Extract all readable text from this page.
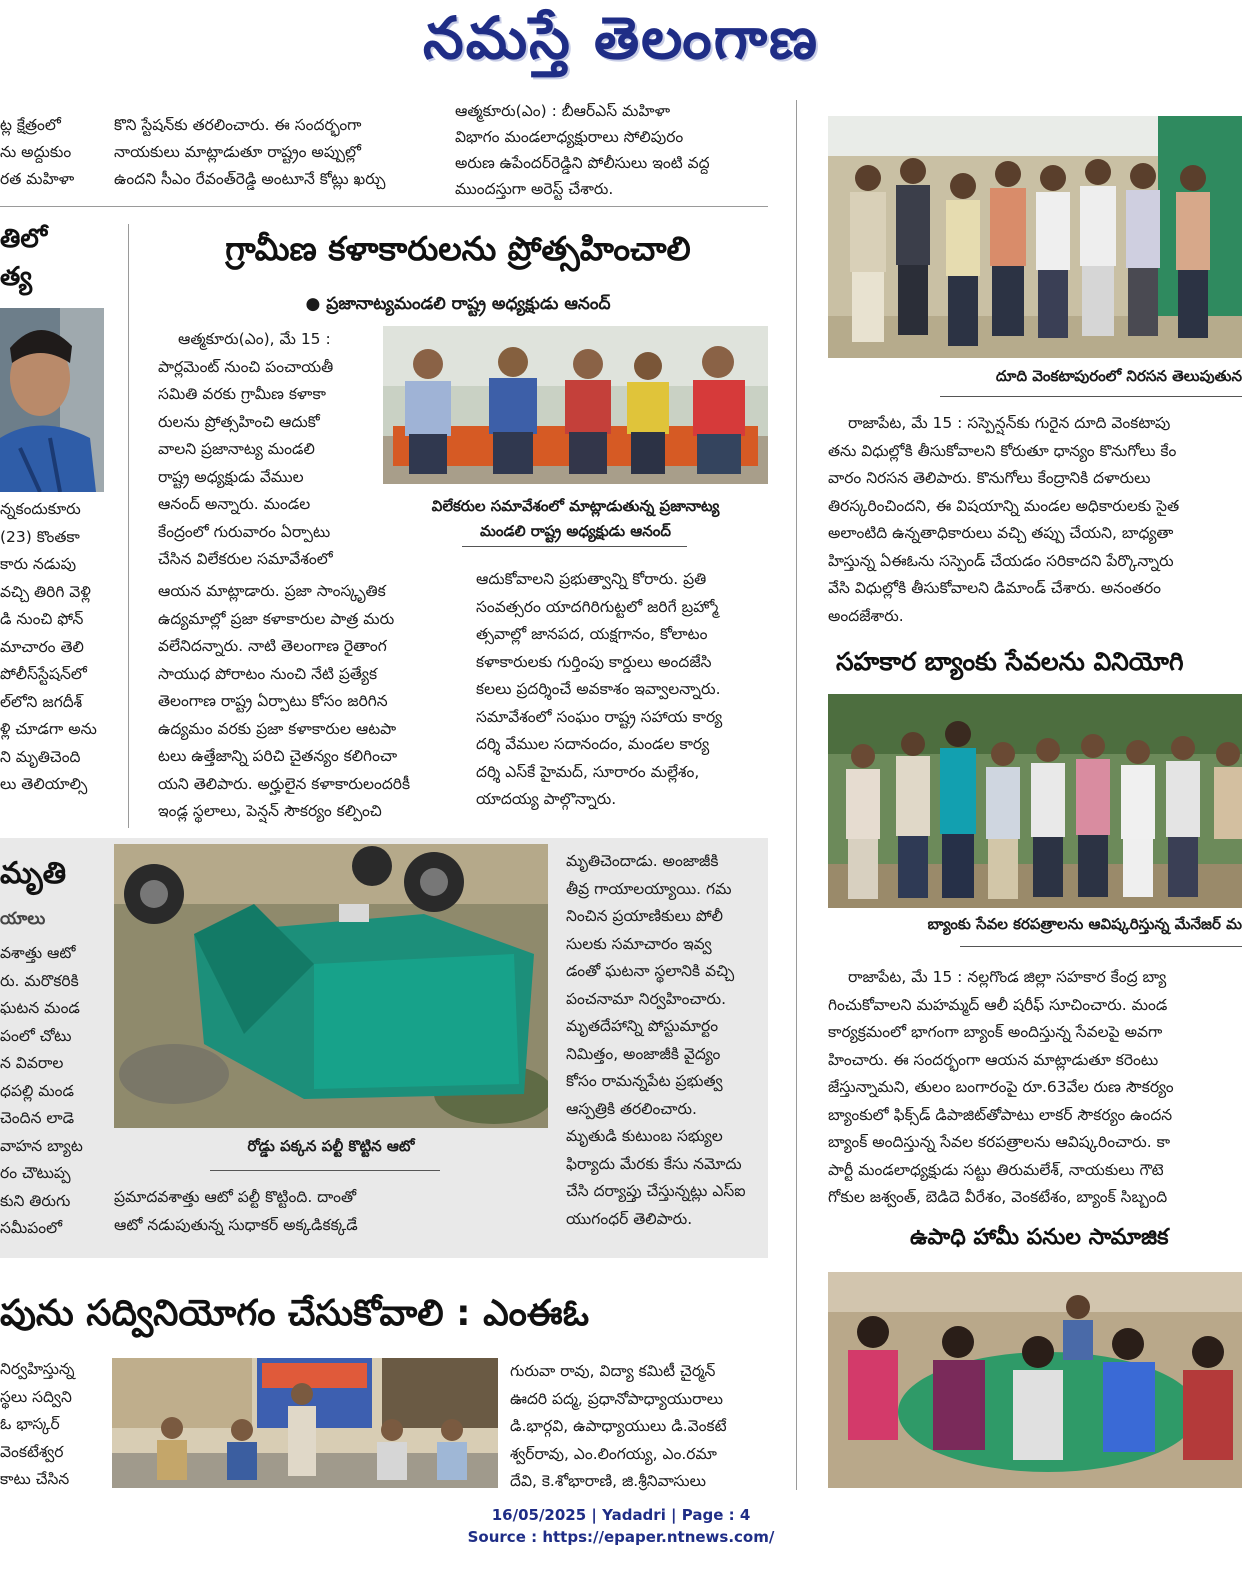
నమస్తే తెలంగాణ

ట్ల క్షేత్రంలో

ను అద్దుకుం

రత మహిళా

కొని స్టేషన్‌కు తరలించారు. ఈ సందర్భంగా

నాయకులు మాట్లాడుతూ రాష్ట్రం అప్పుల్లో

ఉందని సీఎం రేవంత్‌రెడ్డి అంటూనే కోట్లు ఖర్చు

ఆత్మకూరు(ఎం) : బీఆర్ఎస్ మహిళా

విభాగం మండలాధ్యక్షురాలు సోలిపురం

అరుణ ఉపేందర్‌రెడ్డిని పోలీసులు ఇంటి వద్ద

ముందస్తుగా అరెస్ట్ చేశారు.

తిలో
త్య

న్నకందుకూరు

(23) కొంతకా

కారు నడుపు

వచ్చి తిరిగి వెళ్లి

డి నుంచి ఫోన్

మాచారం తెలి

పోలీస్‌స్టేషన్‌లో

ల్‌లోని జగదీశ్

ళ్లి చూడగా అను

ని మృతిచెంది

లు తెలియాల్సి

గ్రామీణ కళాకారులను ప్రోత్సహించాలి
● ప్రజానాట్యమండలి రాష్ట్ర అధ్యక్షుడు ఆనంద్

ఆత్మకూరు(ఎం), మే 15 :

పార్లమెంట్ నుంచి పంచాయతీ

సమితి వరకు గ్రామీణ కళాకా

రులను ప్రోత్సహించి ఆదుకో

వాలని ప్రజానాట్య మండలి

రాష్ట్ర అధ్యక్షుడు వేముల

ఆనంద్ అన్నారు. మండల

కేంద్రంలో గురువారం ఏర్పాటు

చేసిన విలేకరుల సమావేశంలో

విలేకరుల సమావేశంలో మాట్లాడుతున్న ప్రజానాట్య
మండలి రాష్ట్ర అధ్యక్షుడు ఆనంద్

ఆయన మాట్లాడారు. ప్రజా సాంస్కృతిక

ఉద్యమాల్లో ప్రజా కళాకారుల పాత్ర మరు

వలేనిదన్నారు. నాటి తెలంగాణ రైతాంగ

సాయుధ పోరాటం నుంచి నేటి ప్రత్యేక

తెలంగాణ రాష్ట్ర ఏర్పాటు కోసం జరిగిన

ఉద్యమం వరకు ప్రజా కళాకారుల ఆటపా

టలు ఉత్తేజాన్ని పరిచి చైతన్యం కలిగించా

యని తెలిపారు. అర్హులైన కళాకారులందరికీ

ఇండ్ల స్థలాలు, పెన్షన్ సౌకర్యం కల్పించి

ఆదుకోవాలని ప్రభుత్వాన్ని కోరారు. ప్రతి

సంవత్సరం యాదగిరిగుట్టలో జరిగే బ్రహ్మో

త్సవాల్లో జానపద, యక్షగానం, కోలాటం

కళాకారులకు గుర్తింపు కార్డులు అందజేసి

కలలు ప్రదర్శించే అవకాశం ఇవ్వాలన్నారు.

సమావేశంలో సంఘం రాష్ట్ర సహాయ కార్య

దర్శి వేముల సదానందం, మండల కార్య

దర్శి ఎస్‌కే హైమద్, సూరారం మల్లేశం,

యాదయ్య పాల్గొన్నారు.

మృతి
యాలు

వశాత్తు ఆటో

రు. మరొకరికి

ఘటన మండ

పంలో చోటు

న వివరాల

ధపల్లి మండ

చెందిన లాడె

వాహన బ్యాట

రం చౌటుప్ప

కుని తిరుగు

సమీపంలో

రోడ్డు పక్కన పల్టీ కొట్టిన ఆటో

ప్రమాదవశాత్తు ఆటో పల్టీ కొట్టింది. దాంతో

ఆటో నడుపుతున్న సుధాకర్ అక్కడికక్కడే

మృతిచెందాడు. అంజాజీకి

తీవ్ర గాయాలయ్యాయి. గమ

నించిన ప్రయాణికులు పోలీ

సులకు సమాచారం ఇవ్వ

డంతో ఘటనా స్థలానికి వచ్చి

పంచనామా నిర్వహించారు.

మృతదేహాన్ని పోస్టుమార్టం

నిమిత్తం, అంజాజీకి వైద్యం

కోసం రామన్నపేట ప్రభుత్వ

ఆస్పత్రికి తరలించారు.

మృతుడి కుటుంబ సభ్యుల

ఫిర్యాదు మేరకు కేసు నమోదు

చేసి దర్యాప్తు చేస్తున్నట్లు ఎస్ఐ

యుగంధర్ తెలిపారు.

పును సద్వినియోగం చేసుకోవాలి : ఎంఈఓ

నిర్వహిస్తున్న

స్థలు సద్విని

ఓ భాస్కర్

వెంకటేశ్వర

కాటు చేసిన

గురువా రావు, విద్యా కమిటీ చైర్మన్

ఊదరి పద్మ, ప్రధానోపాధ్యాయురాలు

డి.భార్గవి, ఉపాధ్యాయులు డి.వెంకటే

శ్వర్‌రావు, ఎం.లింగయ్య, ఎం.రమా

దేవి, కె.శోభారాణి, జి.శ్రీనివాసులు

దూది వెంకటాపురంలో నిరసన తెలుపుతున

రాజాపేట, మే 15 : సస్పెన్షన్‌కు గురైన దూది వెంకటాపు

తను విధుల్లోకి తీసుకోవాలని కోరుతూ ధాన్యం కొనుగోలు కేం

వారం నిరసన తెలిపారు. కొనుగోలు కేంద్రానికి దళారులు

తిరస్కరించిందని, ఈ విషయాన్ని మండల అధికారులకు సైత

అలాంటిది ఉన్నతాధికారులు వచ్చి తప్పు చేయని, బాధ్యతా

హిస్తున్న ఏఈఓను సస్పెండ్ చేయడం సరికాదని పేర్కొన్నారు

వేసి విధుల్లోకి తీసుకోవాలని డిమాండ్ చేశారు. అనంతరం

అందజేశారు.

సహకార బ్యాంకు సేవలను వినియోగి
బ్యాంకు సేవల కరపత్రాలను ఆవిష్కరిస్తున్న మేనేజర్ మ

రాజాపేట, మే 15 : నల్లగొండ జిల్లా సహకార కేంద్ర బ్యా

గించుకోవాలని మహమ్మద్ ఆలీ షరీఫ్ సూచించారు. మండ

కార్యక్రమంలో భాగంగా బ్యాంక్ అందిస్తున్న సేవలపై అవగా

హించారు. ఈ సందర్భంగా ఆయన మాట్లాడుతూ కరెంటు

జేస్తున్నామని, తులం బంగారంపై రూ.63వేల రుణ సౌకర్యం

బ్యాంకులో ఫిక్స్‌డ్ డిపాజిట్‌తోపాటు లాకర్ సౌకర్యం ఉందన

బ్యాంక్ అందిస్తున్న సేవల కరపత్రాలను ఆవిష్కరించారు. కా

పార్టీ మండలాధ్యక్షుడు సట్టు తిరుమలేశ్, నాయకులు గౌటె

గోకుల జశ్వంత్, బెడిదె వీరేశం, వెంకటేశం, బ్యాంక్ సిబ్బంది

ఉపాధి హామీ పనుల సామాజిక
16/05/2025 | Yadadri | Page : 4
Source : https://epaper.ntnews.com/
